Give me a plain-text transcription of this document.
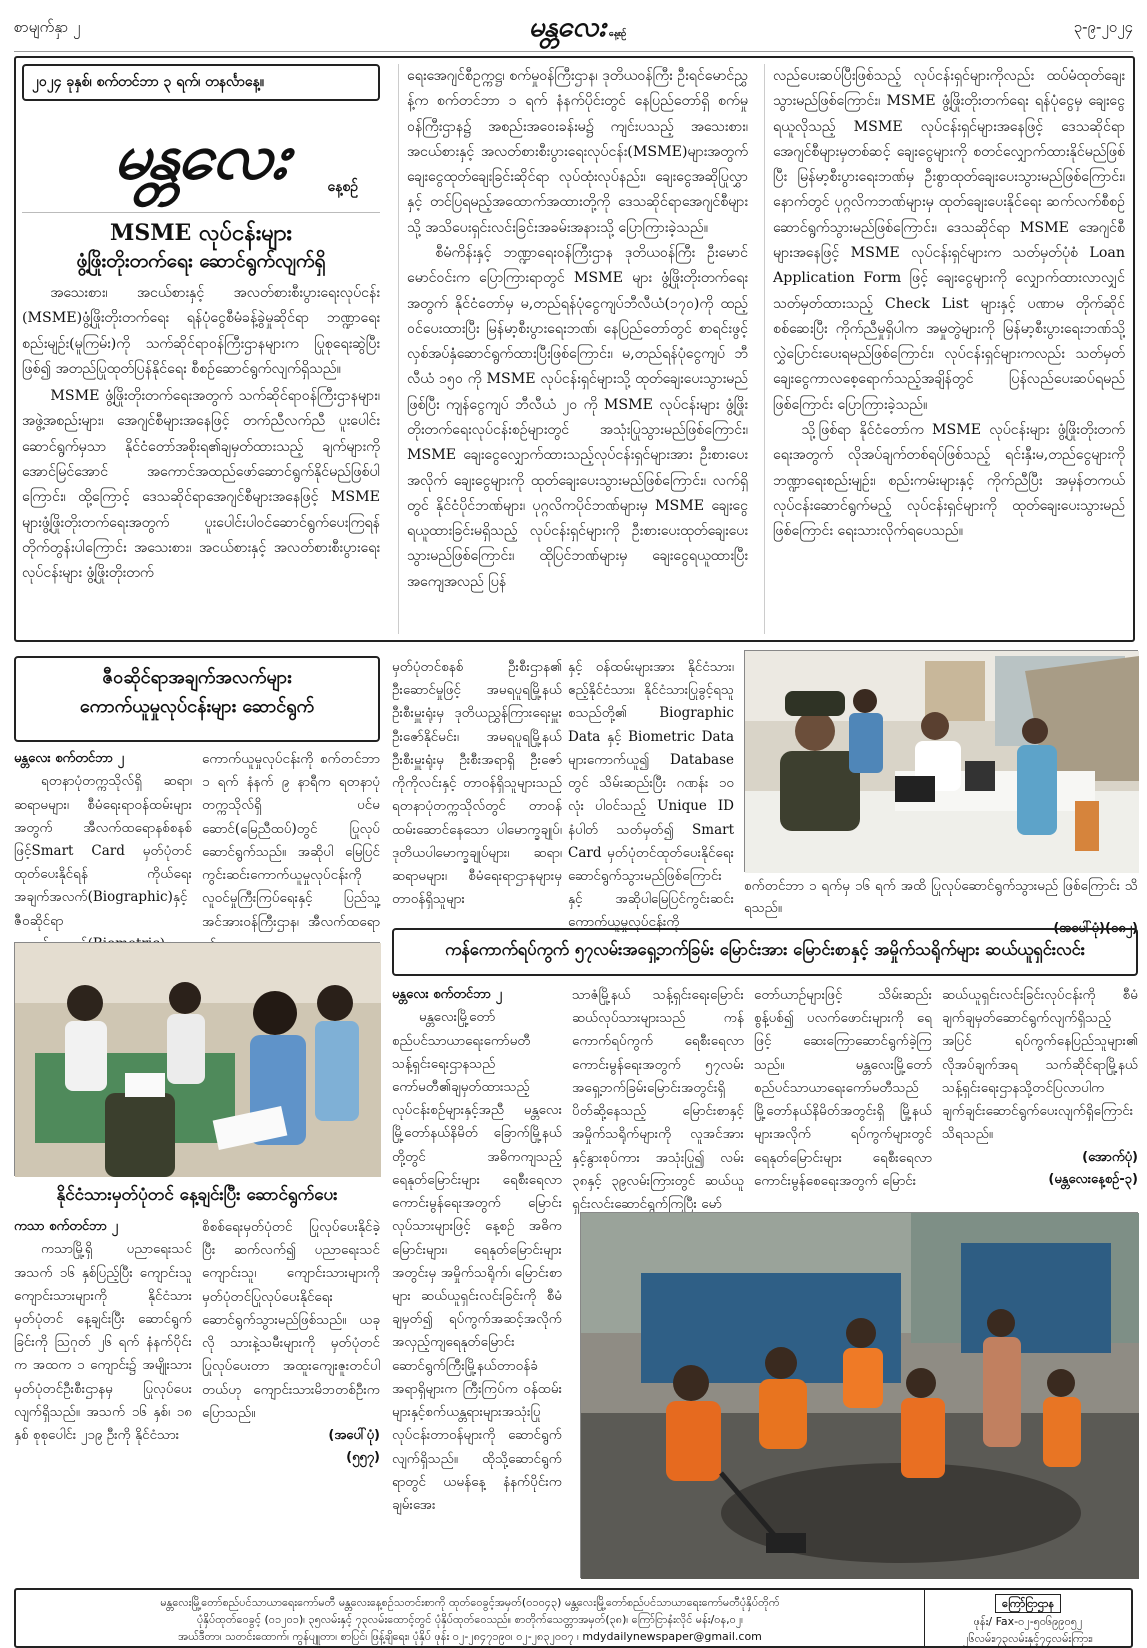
စာမျက်နှာ ၂	မန္တလေး နေ့စဉ်	၃-၉-၂၀၂၄
၂၀၂၄ ခုနှစ်၊ စက်တင်ဘာ ၃ ရက်၊ တနင်္လာနေ့။
မန္တလေး	နေ့စဉ်
MSME လုပ်ငန်းများ
ဖွံ့ဖြိုးတိုးတက်ရေး ဆောင်ရွက်လျက်ရှိ

အသေးစား၊ အငယ်စားနှင့် အလတ်စားစီးပွားရေးလုပ်ငန်း (MSME)ဖွံ့ဖြိုးတိုးတက်ရေး ရန်ပုံငွေစီမံခန့်ခွဲမှုဆိုင်ရာ ဘဏ္ဍာရေးစည်းမျဉ်း(မူကြမ်း)ကို သက်ဆိုင်ရာဝန်ကြီးဌာနများက ပြုစုရေးဆွဲပြီးဖြစ်၍ အတည်ပြုထုတ်ပြန်နိုင်ရေး စီစဉ်ဆောင်ရွက်လျက်ရှိသည်။

MSME ဖွံ့ဖြိုးတိုးတက်ရေးအတွက် သက်ဆိုင်ရာဝန်ကြီးဌာနများ၊ အဖွဲ့အစည်းများ၊ အေဂျင်စီများအနေဖြင့် တက်ညီလက်ညီ ပူးပေါင်းဆောင်ရွက်မှသာ နိုင်ငံတော်အစိုးရ၏ချမှတ်ထားသည့် ချက်များကို အောင်မြင်အောင် အကောင်အထည်ဖော်ဆောင်ရွက်နိုင်မည်ဖြစ်ပါကြောင်း၊ ထို့ကြောင့် ဒေသဆိုင်ရာအေဂျင်စီများအနေဖြင့် MSME များဖွံ့ဖြိုးတိုးတက်ရေးအတွက် ပူးပေါင်းပါဝင်ဆောင်ရွက်ပေးကြရန် တိုက်တွန်းပါကြောင်း အသေးစား၊ အငယ်စားနှင့် အလတ်စားစီးပွားရေးလုပ်ငန်းများ ဖွံ့ဖြိုးတိုးတက်

ရေးအေဂျင်စီဥက္ကဋ္ဌ၊ စက်မှုဝန်ကြီးဌာန၊ ဒုတိယဝန်ကြီး ဦးရင်မောင်ညွှန့်က စက်တင်ဘာ ၁ ရက် နံနက်ပိုင်းတွင် နေပြည်တော်ရှိ စက်မှုဝန်ကြီးဌာန၌ အစည်းအဝေးခန်းမ၌ ကျင်းပသည့် အသေးစား၊ အငယ်စားနှင့် အလတ်စားစီးပွားရေးလုပ်ငန်း(MSME)များအတွက် ချေးငွေထုတ်ချေးခြင်းဆိုင်ရာ လုပ်ထုံးလုပ်နည်း၊ ချေးငွေအဆိုပြုလွှာနှင့် တင်ပြရမည့်အထောက်အထားတို့ကို ဒေသဆိုင်ရာအေဂျင်စီများသို့ အသိပေးရှင်းလင်းခြင်းအခမ်းအနားသို့ ပြောကြားခဲ့သည်။

စီမံကိန်းနှင့် ဘဏ္ဍာရေးဝန်ကြီးဌာန ဒုတိယဝန်ကြီး ဦးမောင်မောင်ဝင်းက ပြောကြားရာတွင် MSME များ ဖွံ့ဖြိုးတိုးတက်ရေးအတွက် နိုင်ငံတော်မှ မ,တည်ရန်ပုံငွေကျပ်ဘီလီယံ(၁၇၀)ကို ထည့်ဝင်ပေးထားပြီး မြန်မာ့စီးပွားရေးဘဏ်၊ နေပြည်တော်တွင် စာရင်းဖွင့်လှစ်အပ်နှံဆောင်ရွက်ထားပြီးဖြစ်ကြောင်း၊ မ,တည်ရန်ပုံငွေကျပ် ဘီလီယံ ၁၅၀ ကို MSME လုပ်ငန်းရှင်များသို့ ထုတ်ချေးပေးသွားမည်ဖြစ်ပြီး ကျန်ငွေကျပ် ဘီလီယံ ၂၀ ကို MSME လုပ်ငန်းများ ဖွံ့ဖြိုးတိုးတက်ရေးလုပ်ငန်းစဉ်များတွင် အသုံးပြုသွားမည်ဖြစ်ကြောင်း၊ MSME ချေးငွေလျှောက်ထားသည့်လုပ်ငန်းရှင်များအား ဦးစားပေးအလိုက် ချေးငွေများကို ထုတ်ချေးပေးသွားမည်ဖြစ်ကြောင်း၊ လက်ရှိတွင် နိုင်ငံပိုင်ဘဏ်များ၊ ပုဂ္ဂလိကပိုင်ဘဏ်များမှ MSME ချေးငွေရယူထားခြင်းမရှိသည့် လုပ်ငန်းရှင်များကို ဦးစားပေးထုတ်ချေးပေးသွားမည်ဖြစ်ကြောင်း၊ ထိုပြင်ဘဏ်များမှ ချေးငွေရယူထားပြီး အကျေအလည် ပြန်

လည်ပေးဆပ်ပြီးဖြစ်သည့် လုပ်ငန်းရှင်များကိုလည်း ထပ်မံထုတ်ချေးသွားမည်ဖြစ်ကြောင်း၊ MSME ဖွံ့ဖြိုးတိုးတက်ရေး ရန်ပုံငွေမှ ချေးငွေရယူလိုသည့် MSME လုပ်ငန်းရှင်များအနေဖြင့် ဒေသဆိုင်ရာအေဂျင်စီများမှတစ်ဆင့် ချေးငွေများကို စတင်လျှောက်ထားနိုင်မည်ဖြစ်ပြီး မြန်မာ့စီးပွားရေးဘဏ်မှ ဦးစွာထုတ်ချေးပေးသွားမည်ဖြစ်ကြောင်း၊ နောက်တွင် ပုဂ္ဂလိကဘဏ်များမှ ထုတ်ချေးပေးနိုင်ရေး ဆက်လက်စီစဉ်ဆောင်ရွက်သွားမည်ဖြစ်ကြောင်း၊ ဒေသဆိုင်ရာ MSME အေဂျင်စီများအနေဖြင့် MSME လုပ်ငန်းရှင်များက သတ်မှတ်ပုံစံ Loan Application Form ဖြင့် ချေးငွေများကို လျှောက်ထားလာလျှင် သတ်မှတ်ထားသည့် Check List များနှင့် ပဏာမ တိုက်ဆိုင်စစ်ဆေးပြီး ကိုက်ညီမှုရှိပါက အမှုတွဲများကို မြန်မာ့စီးပွားရေးဘဏ်သို့ လွှဲပြောင်းပေးရမည်ဖြစ်ကြောင်း၊ လုပ်ငန်းရှင်များကလည်း သတ်မှတ်ချေးငွေကာလစေ့ရောက်သည့်အချိန်တွင် ပြန်လည်ပေးဆပ်ရမည်ဖြစ်ကြောင်း ပြောကြားခဲ့သည်။

သို့ဖြစ်ရာ နိုင်ငံတော်က MSME လုပ်ငန်းများ ဖွံ့ဖြိုးတိုးတက်ရေးအတွက် လိုအပ်ချက်တစ်ရပ်ဖြစ်သည့် ရင်းနှီးမ,တည်ငွေများကို ဘဏ္ဍာရေးစည်းမျဉ်း၊ စည်းကမ်းများနှင့် ကိုက်ညီပြီး အမှန်တကယ်လုပ်ငန်းဆောင်ရွက်မည့် လုပ်ငန်းရှင်များကို ထုတ်ချေးပေးသွားမည်ဖြစ်ကြောင်း ရေးသားလိုက်ရပေသည်။

ဇီဝဆိုင်ရာအချက်အလက်များ
ကောက်ယူမှုလုပ်ငန်းများ ဆောင်ရွက်
မန္တလေး စက်တင်ဘာ ၂

ရတနာပုံတက္ကသိုလ်ရှိ ဆရာ၊ ဆရာမများ၊ စီမံရေးရာဝန်ထမ်းများအတွက် အီလက်ထရောနစ်စနစ်ဖြင့်Smart Card မှတ်ပုံတင်ထုတ်ပေးနိုင်ရန် ကိုယ်ရေးအချက်အလက်(Biographic)နှင့် ဇီဝဆိုင်ရာ

ကောက်ယူမှုလုပ်ငန်းကို စက်တင်ဘာ ၁ ရက် နံနက် ၉ နာရီက ရတနာပုံတက္ကသိုလ်ရှိ ပင်မဆောင်(မြေညီထပ်)တွင် ပြုလုပ်ဆောင်ရွက်သည်။ အဆိုပါ မြေပြင်ကွင်းဆင်းကောက်ယူမှုလုပ်ငန်းကို လူဝင်မှုကြီးကြပ်ရေးနှင့် ပြည်သူ့အင်အားဝန်ကြီးဌာန၊ အီလက်ထရော

မှတ်ပုံတင်စနစ် ဦးစီးဌာန၏ ဦးဆောင်မှုဖြင့် အမရပူရမြို့နယ် ဦးစီးမှူးရုံးမှ ဒုတိယညွှန်ကြားရေးမှူး ဦးဇော်နိုင်မင်း၊ အမရပူရမြို့နယ် ဦးစီးမှူးရုံးမှ ဦးစီးအရာရှိ ဦးဇော်ကိုကိုလင်းနှင့် တာဝန်ရှိသူများသည် ရတနာပုံတက္ကသိုလ်တွင် တာဝန်ထမ်းဆောင်နေသော ပါမောက္ခချုပ်၊ ဒုတိယပါမောက္ခချုပ်များ၊ ဆရာ၊ ဆရာမများ၊ စီမံရေးရာဌာနများမှ တာဝန်ရှိသူများ

နှင့် ဝန်ထမ်းများအား နိုင်ငံသား၊ ဧည့်နိုင်ငံသား၊ နိုင်ငံသားပြုခွင့်ရသူစသည်တို့၏ Biographic Data နှင့် Biometric Data များကောက်ယူ၍ Database တွင် သိမ်းဆည်းပြီး ဂဏန်း ၁၀ လုံး ပါဝင်သည့် Unique ID နံပါတ် သတ်မှတ်၍ Smart Card မှတ်ပုံတင်ထုတ်ပေးနိုင်ရေးဆောင်ရွက်သွားမည်ဖြစ်ကြောင်းနှင့် အဆိုပါမြေပြင်ကွင်းဆင်းကောက်ယူမှုလုပ်ငန်းကို

စက်တင်ဘာ ၁ ရက်မှ ၁၆ ရက် အထိ ပြုလုပ်ဆောင်ရွက်သွားမည် ဖြစ်ကြောင်း သိရသည်။
(အပေါ်ပုံ)(၀၈၂)
နိုင်ငံသားမှတ်ပုံတင် နေ့ချင်းပြီး ဆောင်ရွက်ပေး
ကသာ စက်တင်ဘာ ၂

ကသာမြို့ရှိ ပညာရေးသင်အသက် ၁၆ နှစ်ပြည့်ပြီး ကျောင်းသူ ကျောင်းသားများကို နိုင်ငံသားမှတ်ပုံတင် နေ့ချင်းပြီး ဆောင်ရွက်ခြင်းကို ဩဂုတ် ၂၆ ရက် နံနက်ပိုင်းက အထက ၁ ကျောင်း၌ အမျိုးသားမှတ်ပုံတင်ဦးစီးဌာနမှ ပြုလုပ်ပေးလျက်ရှိသည်။ အသက် ၁၆ နှစ်၊ ၁၈ နှစ် စုစုပေါင်း ၂၁၉ ဦးကို နိုင်ငံသား

စိစစ်ရေးမှတ်ပုံတင် ပြုလုပ်ပေးနိုင်ခဲ့ပြီး ဆက်လက်၍ ပညာရေးသင်ကျောင်းသူ၊ ကျောင်းသားများကို မှတ်ပုံတင်ပြုလုပ်ပေးနိုင်ရေး ဆောင်ရွက်သွားမည်ဖြစ်သည်။ ယခုလို သားနဲ့သမီးများကို မှတ်ပုံတင်ပြုလုပ်ပေးတာ အထူးကျေးဇူးတင်ပါတယ်ဟု ကျောင်းသားမိဘတစ်ဦးက ပြောသည်။

(အပေါ်ပုံ)
(၅၅၇)
ကန်ကောက်ရပ်ကွက် ၅၇လမ်းအရှေ့ဘက်ခြမ်း မြောင်းအား မြောင်းစာနှင့် အမှိုက်သရိုက်များ ဆယ်ယူရှင်းလင်း
မန္တလေး စက်တင်ဘာ ၂

မန္တလေးမြို့တော်စည်ပင်သာယာရေးကော်မတီ သန့်ရှင်းရေးဌာနသည် ကော်မတီ၏ချမှတ်ထားသည့် လုပ်ငန်းစဉ်များနှင့်အညီ မန္တလေးမြို့တော်နယ်နိမိတ် ခြောက်မြို့နယ်တို့တွင် အဓိကကျသည့် ရေနုတ်မြောင်းများ ရေစီးရေလာကောင်းမွန်ရေးအတွက် မြောင်းလုပ်သားများဖြင့် နေ့စဉ် အဓိကမြောင်းများ၊ ရေနုတ်မြောင်းများအတွင်းမှ အမှိုက်သရိုက်၊ မြောင်းစာများ ဆယ်ယူရှင်းလင်းခြင်းကို စီမံချမှတ်၍ ရပ်ကွက်အဆင့်အလိုက် အလှည့်ကျရေနုတ်မြောင်း ဆောင်ရွက်ကြီးမြို့နယ်တာဝန်ခံ အရာရှိများက ကြီးကြပ်က ဝန်ထမ်းများနှင့်စက်ယန္တရားများအသုံးပြု လုပ်ငန်းတာဝန်များကို ဆောင်ရွက်လျက်ရှိသည်။ ထိုသို့ဆောင်ရွက်ရာတွင် ယမန်နေ့ နံနက်ပိုင်းက ချမ်းအေး

သာဇံမြို့နယ် သန့်ရှင်းရေးမြောင်းဆယ်လုပ်သားများသည် ကန်ကောက်ရပ်ကွက် ရေစီးရေလာကောင်းမွန်ရေးအတွက် ၅၇လမ်း အရှေ့ဘက်ခြမ်းမြောင်းအတွင်းရှိ ပိတ်ဆို့နေသည့် မြောင်းစာနှင့် အမှိုက်သရိုက်များကို လူအင်အားနှင့်နွားစုပ်ကား အသုံးပြု၍ လမ်း ၃၈နှင့် ၃၉လမ်းကြားတွင် ဆယ်ယူရှင်းလင်းဆောင်ရွက်ကြပြီး မော်

တော်ယာဉ်များဖြင့် သိမ်းဆည်းစွန့်ပစ်၍ ပလက်ဖောင်းများကို ရေဖြင့် ဆေးကြောဆောင်ရွက်ခဲ့ကြသည်။ မန္တလေးမြို့တော်စည်ပင်သာယာရေးကော်မတီသည် မြို့တော်နယ်နိမိတ်အတွင်းရှိ မြို့နယ်များအလိုက် ရပ်ကွက်များတွင် ရေနုတ်မြောင်းများ ရေစီးရေလာကောင်းမွန်စေရေးအတွက် မြောင်း

ဆယ်ယူရှင်းလင်းခြင်းလုပ်ငန်းကို စီမံချက်ချမှတ်ဆောင်ရွက်လျက်ရှိသည့်အပြင် ရပ်ကွက်နေပြည်သူများ၏ လိုအပ်ချက်အရ သက်ဆိုင်ရာမြို့နယ် သန့်ရှင်းရေးဌာနသို့တင်ပြလာပါက ချက်ချင်းဆောင်ရွက်ပေးလျက်ရှိကြောင်း သိရသည်။

(အောက်ပုံ)
(မန္တလေးနေ့စဉ်-၃)
မန္တလေးမြို့တော်စည်ပင်သာယာရေးကော်မတီ မန္တလေးနေ့စဉ်သတင်းစာကို ထုတ်ဝေခွင့်အမှတ်(၀၁၀၄၃) မန္တလေးမြို့တော်စည်ပင်သာယာရေးကော်မတီပုံနှိပ်တိုက်
ပုံနှိပ်ထုတ်ဝေခွင့် (၀၁၂၀၁)၊ ၃၅လမ်းနှင့် ၇၃လမ်းထောင့်တွင် ပုံနှိပ်ထုတ်ဝေသည်။ စာတိုက်သေတ္တာအမှတ်(၃၈)၊ ကြော်ငြာနံးလိုင် မန်း/၀န,၀၂၊
အယ်ဒီတာ၊ သတင်းထောက်၊ ကွန်ပျူတာ၊ စာပြင်၊ ဖြန့်ချိရေး၊ ပုံနှိပ် ဖုန်း ၀၂-၂၈၄၇၁၉၀၊ ၀၂-၂၈၃၂၀၀၇ ၊ mdydailynewspaper@gmail.com
ကြော်ငြာဌာန
ဖုန်း/ Fax-၀၂-၅၀၆၉၉၀၅၂
၂၆လမ်း၊၇၃လမ်းနှင့်၇၄လမ်းကြား၊
